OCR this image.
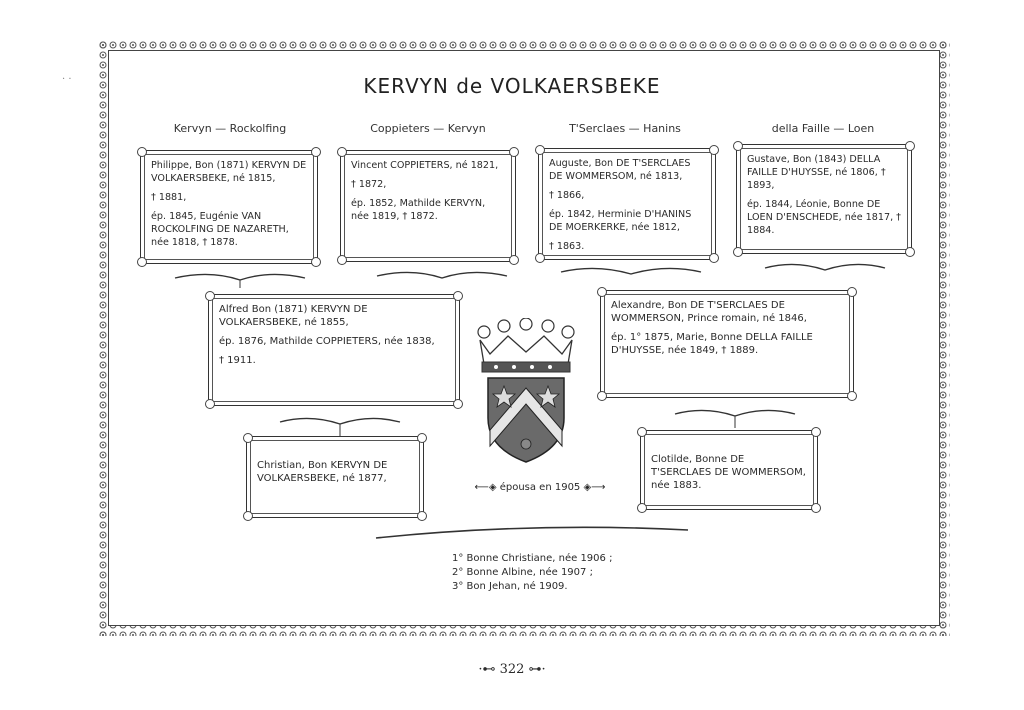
· ·	KERVYN de VOLKAERSBEKE
Kervyn — Rockolfing	Coppieters — Kervyn	T'Serclaes — Hanins	della Faille — Loen

Philippe, Bon (1871) KERVYN DE VOLKAERSBEKE, né 1815,

† 1881,

ép. 1845, Eugénie VAN ROCKOLFING DE NAZARETH, née 1818, † 1878.

Vincent COPPIETERS, né 1821,

† 1872,

ép. 1852, Mathilde KERVYN, née 1819, † 1872.

Auguste, Bon DE T'SERCLAES DE WOMMERSOM, né 1813,

† 1866,

ép. 1842, Herminie D'HANINS DE MOERKERKE, née 1812,

† 1863.

Gustave, Bon (1843) DELLA FAILLE D'HUYSSE, né 1806, † 1893,

ép. 1844, Léonie, Bonne DE LOEN D'ENSCHEDE, née 1817, † 1884.

Alfred Bon (1871) KERVYN DE VOLKAERSBEKE, né 1855,

ép. 1876, Mathilde COPPIETERS, née 1838,

† 1911.

Alexandre, Bon DE T'SERCLAES DE WOMMERSON, Prince romain, né 1846,

ép. 1° 1875, Marie, Bonne DELLA FAILLE D'HUYSSE, née 1849, † 1889.

Christian, Bon KERVYN DE VOLKAERSBEKE, né 1877,

Clotilde, Bonne DE T'SERCLAES DE WOMMERSOM, née 1883.

⟵◈ épousa en 1905 ◈⟶
1° Bonne Christiane, née 1906 ;
2° Bonne Albine, née 1907 ;
3° Bon Jehan, né 1909.
·⊷ 322 ⊶·
